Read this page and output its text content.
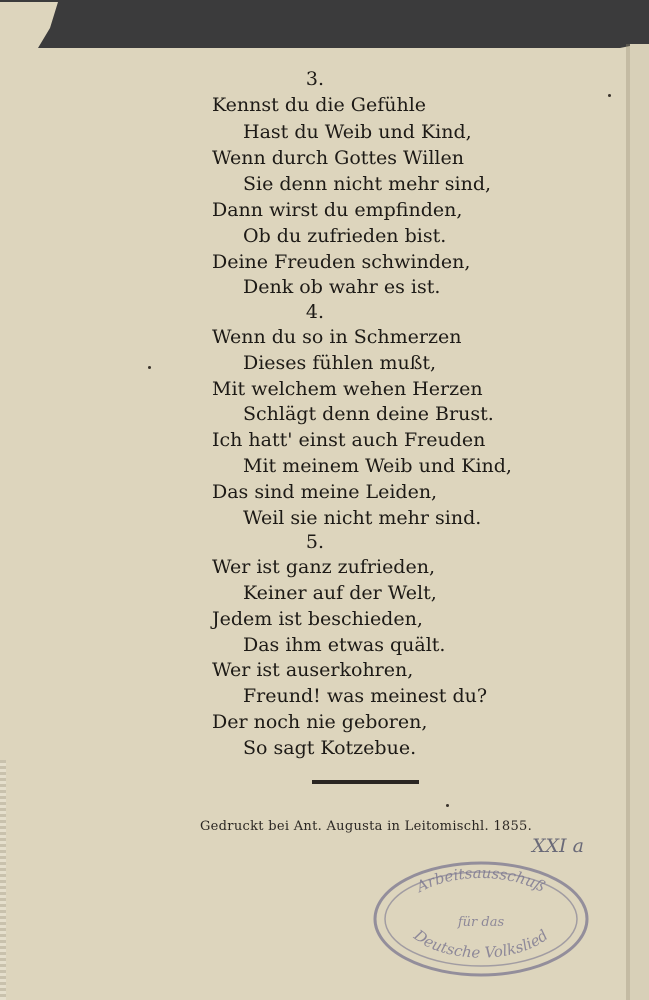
3.
Kennst du die Gefühle
Hast du Weib und Kind,
Wenn durch Gottes Willen
Sie denn nicht mehr sind,
Dann wirst du empfinden,
Ob du zufrieden bist.
Deine Freuden schwinden,
Denk ob wahr es ist.
4.
Wenn du so in Schmerzen
Dieses fühlen mußt,
Mit welchem wehen Herzen
Schlägt denn deine Brust.
Ich hatt' einst auch Freuden
Mit meinem Weib und Kind,
Das sind meine Leiden,
Weil sie nicht mehr sind.
5.
Wer ist ganz zufrieden,
Keiner auf der Welt,
Jedem ist beschieden,
Das ihm etwas quält.
Wer ist auserkohren,
Freund! was meinest du?
Der noch nie geboren,
So sagt Kotzebue.
Gedruckt bei Ant. Augusta in Leitomischl. 1855.
XXI a
Arbeitsausschuß
für das
Deutsche Volkslied
